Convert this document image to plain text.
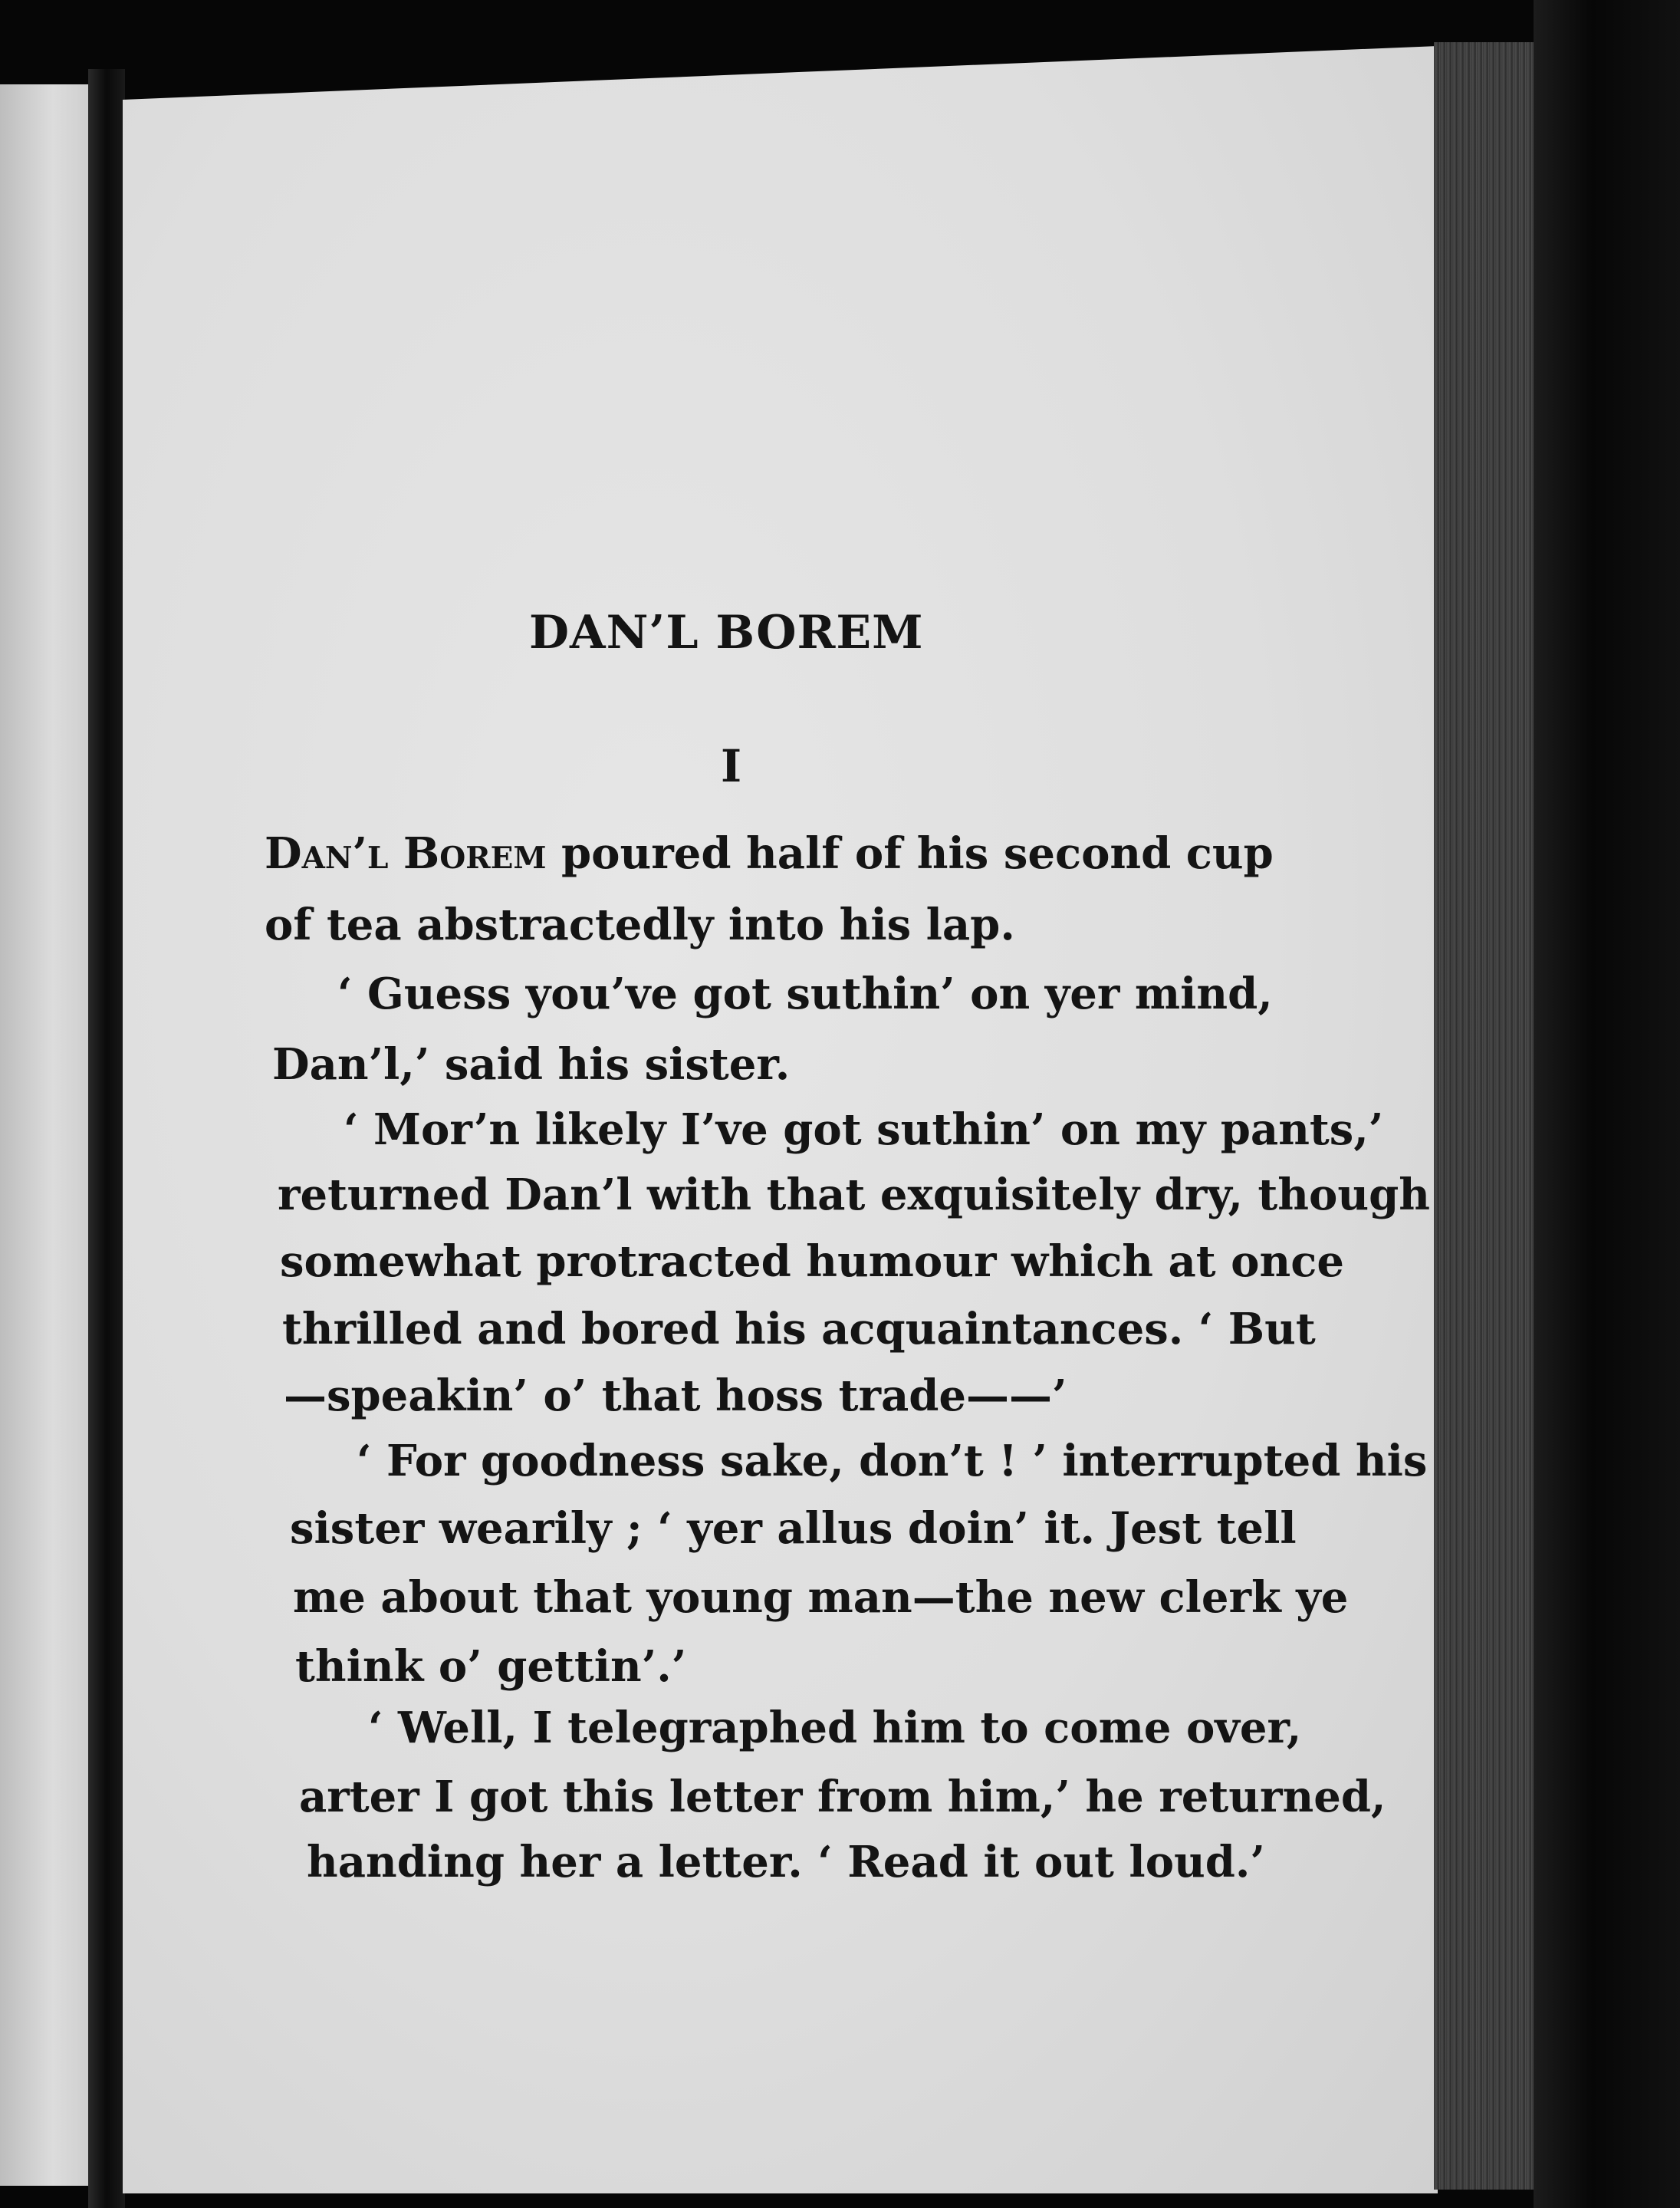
DAN’L BOREM
I
Dan’l Borem poured half of his second cup
of tea abstractedly into his lap.
‘ Guess you’ve got suthin’ on yer mind,
Dan’l,’ said his sister.
‘ Mor’n likely I’ve got suthin’ on my pants,’
returned Dan’l with that exquisitely dry, though
somewhat protracted humour which at once
thrilled and bored his acquaintances. ‘ But
—speakin’ o’ that hoss trade——’
‘ For goodness sake, don’t ! ’ interrupted his
sister wearily ; ‘ yer allus doin’ it. Jest tell
me about that young man—the new clerk ye
think o’ gettin’.’
‘ Well, I telegraphed him to come over,
arter I got this letter from him,’ he returned,
handing her a letter. ‘ Read it out loud.’
